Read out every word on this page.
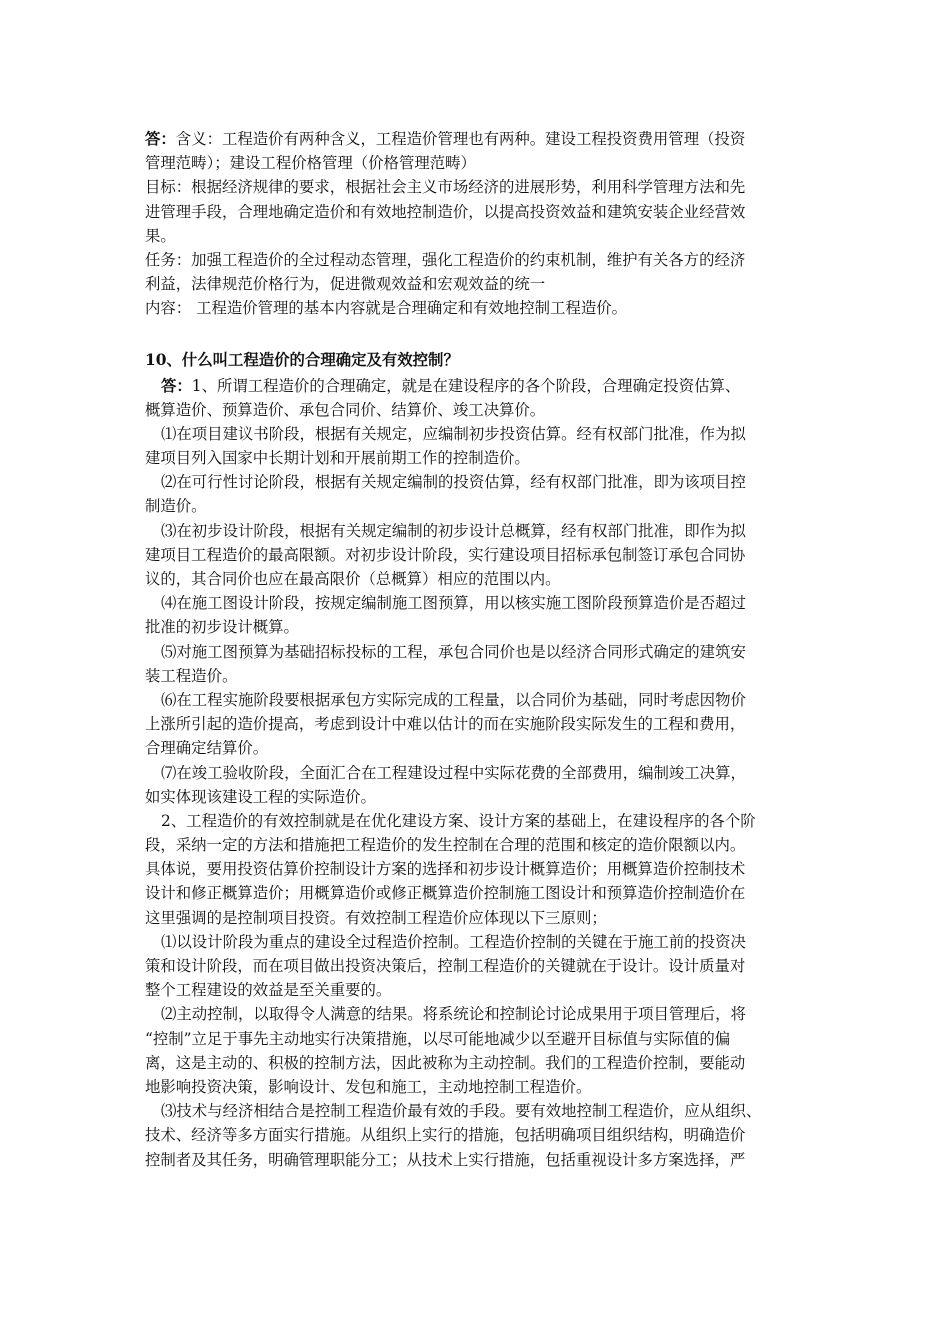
答：含义：工程造价有两种含义，工程造价管理也有两种。建设工程投资费用管理（投资
管理范畴）；建设工程价格管理（价格管理范畴）
目标：根据经济规律的要求，根据社会主义市场经济的进展形势，利用科学管理方法和先
进管理手段，合理地确定造价和有效地控制造价，以提高投资效益和建筑安装企业经营效
果。
任务：加强工程造价的全过程动态管理，强化工程造价的约束机制，维护有关各方的经济
利益，法律规范价格行为，促进微观效益和宏观效益的统一
内容： 工程造价管理的基本内容就是合理确定和有效地控制工程造价。
10、什么叫工程造价的合理确定及有效控制？
答：1、所谓工程造价的合理确定，就是在建设程序的各个阶段，合理确定投资估算、
概算造价、预算造价、承包合同价、结算价、竣工决算价。
⑴在项目建议书阶段，根据有关规定，应编制初步投资估算。经有权部门批准，作为拟
建项目列入国家中长期计划和开展前期工作的控制造价。
⑵在可行性讨论阶段，根据有关规定编制的投资估算，经有权部门批准，即为该项目控
制造价。
⑶在初步设计阶段，根据有关规定编制的初步设计总概算，经有权部门批准，即作为拟
建项目工程造价的最高限额。对初步设计阶段，实行建设项目招标承包制签订承包合同协
议的，其合同价也应在最高限价（总概算）相应的范围以内。
⑷在施工图设计阶段，按规定编制施工图预算，用以核实施工图阶段预算造价是否超过
批准的初步设计概算。
⑸对施工图预算为基础招标投标的工程，承包合同价也是以经济合同形式确定的建筑安
装工程造价。
⑹在工程实施阶段要根据承包方实际完成的工程量，以合同价为基础，同时考虑因物价
上涨所引起的造价提高，考虑到设计中难以估计的而在实施阶段实际发生的工程和费用，
合理确定结算价。
⑺在竣工验收阶段，全面汇合在工程建设过程中实际花费的全部费用，编制竣工决算，
如实体现该建设工程的实际造价。
2、工程造价的有效控制就是在优化建设方案、设计方案的基础上，在建设程序的各个阶
段，采纳一定的方法和措施把工程造价的发生控制在合理的范围和核定的造价限额以内。
具体说，要用投资估算价控制设计方案的选择和初步设计概算造价；用概算造价控制技术
设计和修正概算造价；用概算造价或修正概算造价控制施工图设计和预算造价控制造价在
这里强调的是控制项目投资。有效控制工程造价应体现以下三原则；
⑴以设计阶段为重点的建设全过程造价控制。工程造价控制的关键在于施工前的投资决
策和设计阶段，而在项目做出投资决策后，控制工程造价的关键就在于设计。设计质量对
整个工程建设的效益是至关重要的。
⑵主动控制，以取得令人满意的结果。将系统论和控制论讨论成果用于项目管理后，将
“控制”立足于事先主动地实行决策措施，以尽可能地减少以至避开目标值与实际值的偏
离，这是主动的、积极的控制方法，因此被称为主动控制。我们的工程造价控制，要能动
地影响投资决策，影响设计、发包和施工，主动地控制工程造价。
⑶技术与经济相结合是控制工程造价最有效的手段。要有效地控制工程造价，应从组织、
技术、经济等多方面实行措施。从组织上实行的措施，包括明确项目组织结构，明确造价
控制者及其任务，明确管理职能分工；从技术上实行措施，包括重视设计多方案选择，严
